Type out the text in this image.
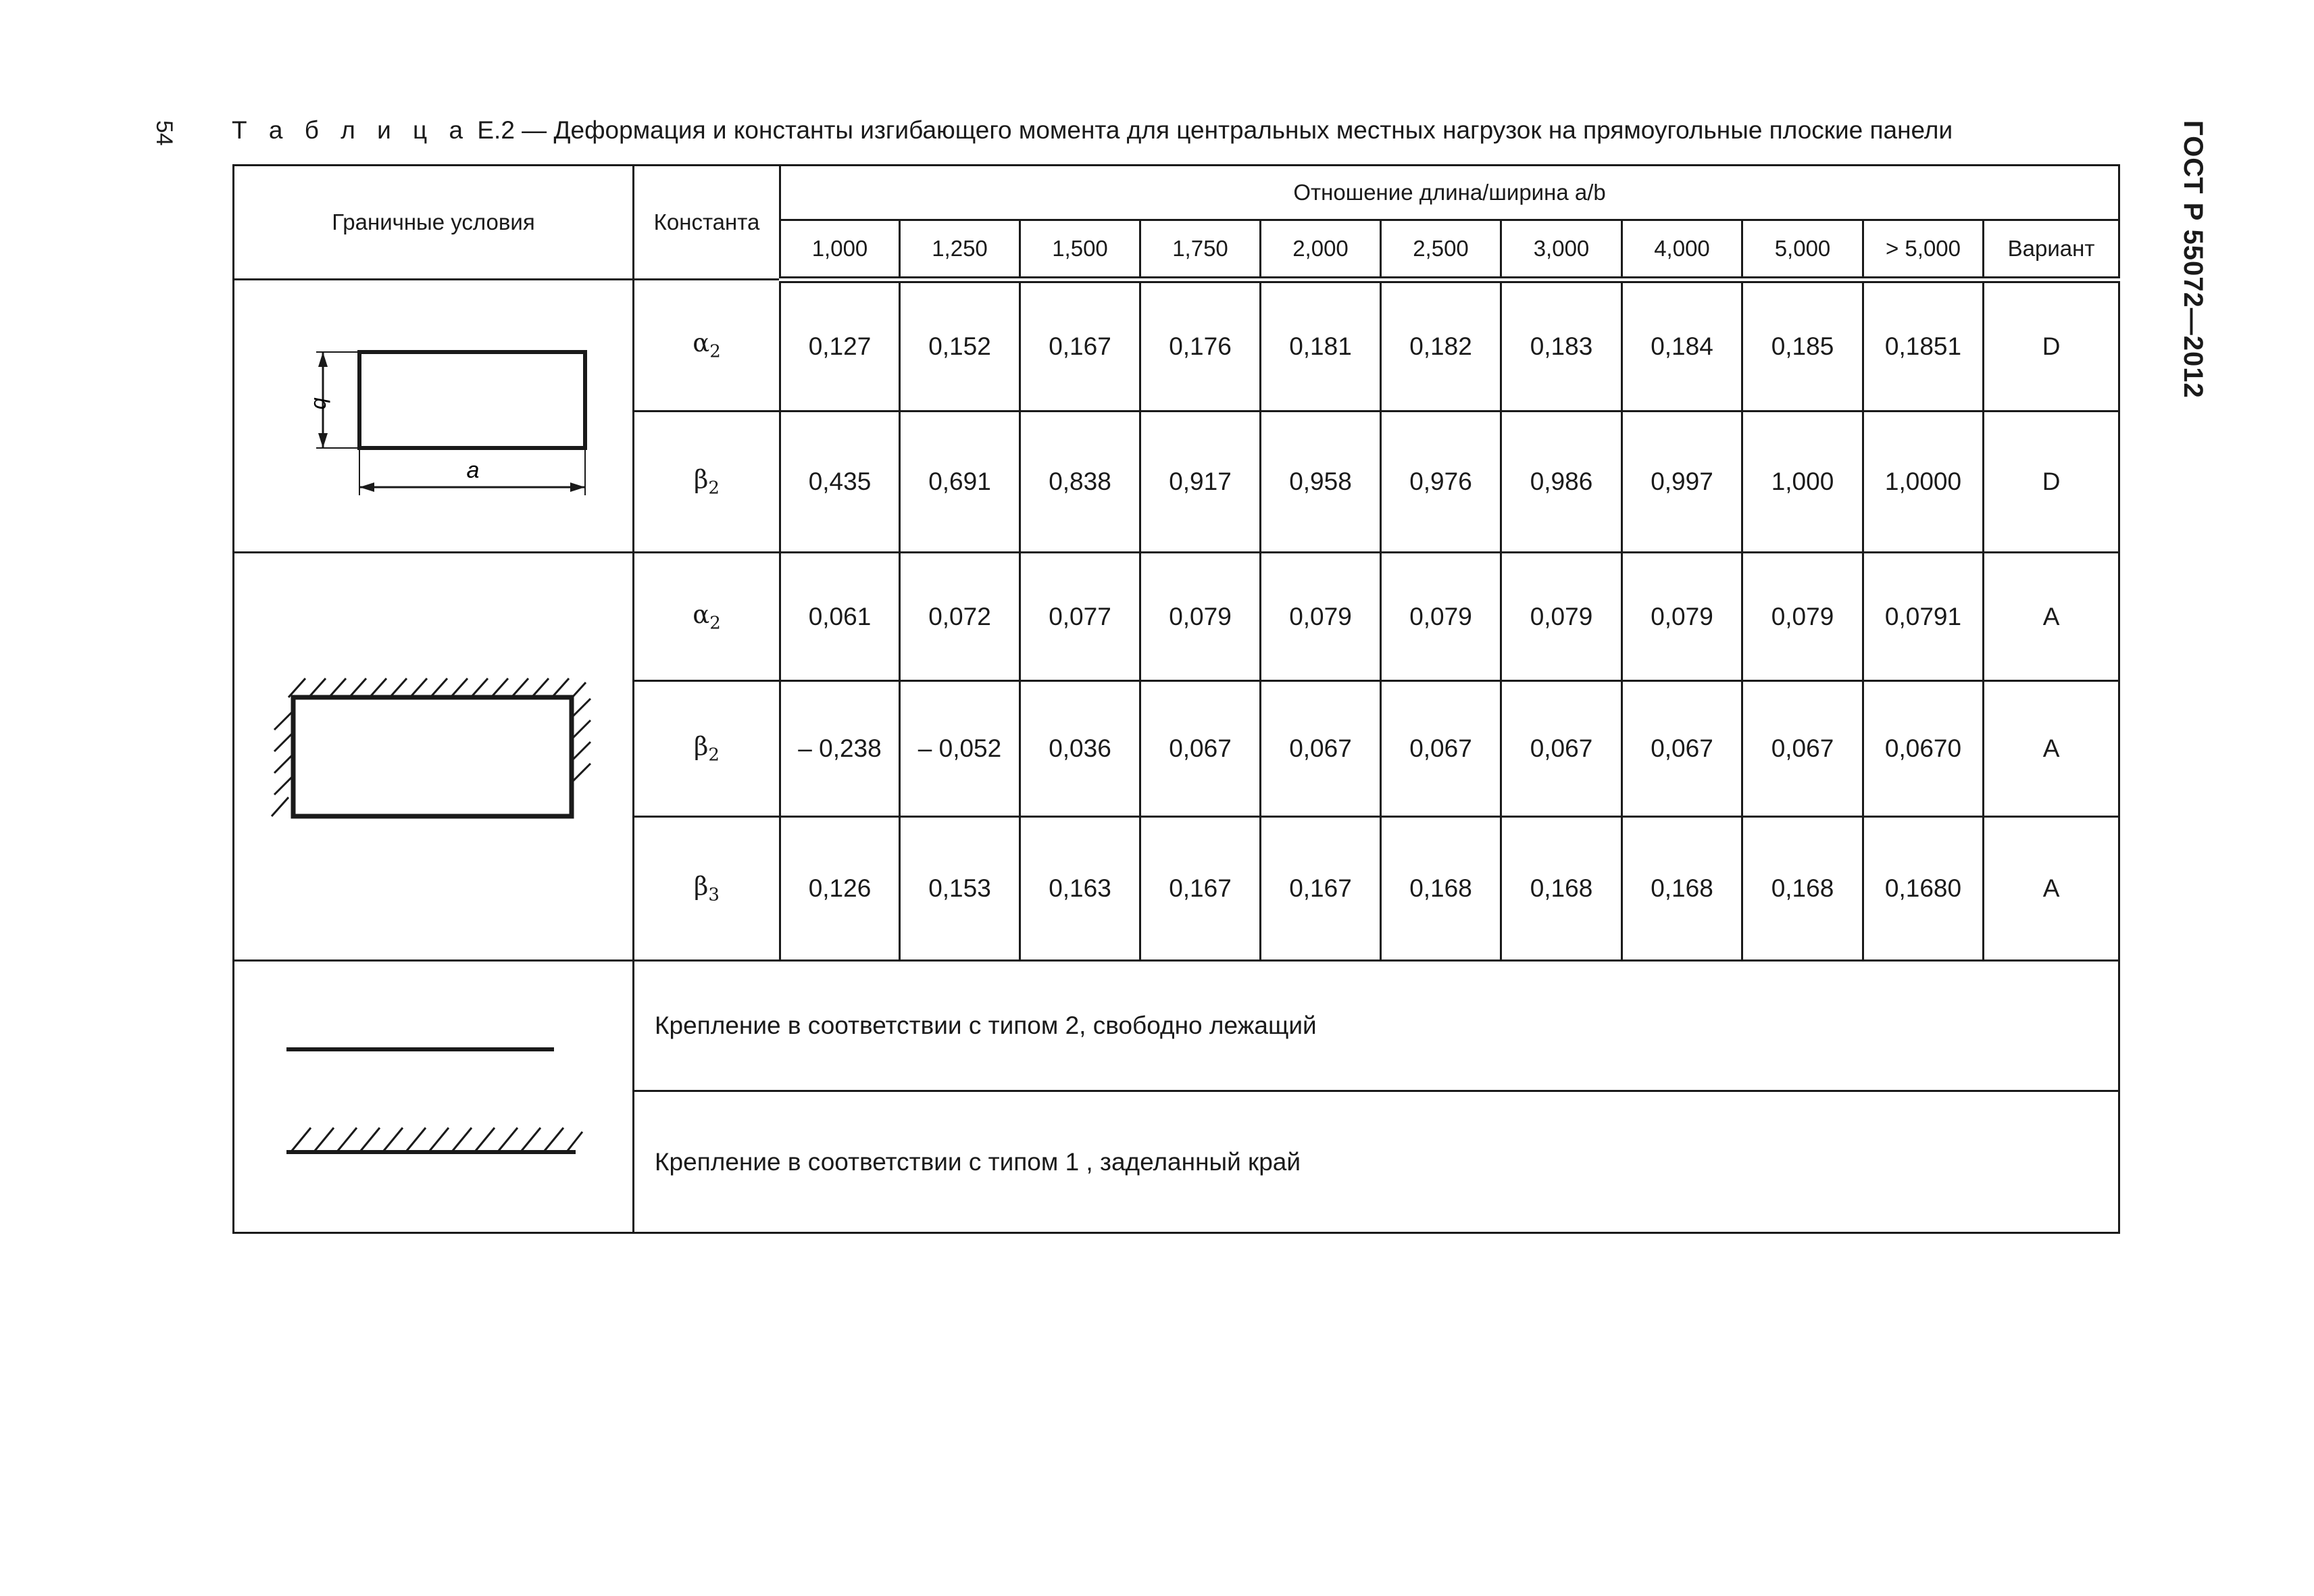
54	ГОСТ Р 55072—2012
Т а б л и ц а Е.2 — Деформация и константы изгибающего момента для центральных местных нагрузок на прямоугольные плоские панели
Граничные условия	Константа	Отношение длина/ширина a/b										
		1,000	1,250	1,500	1,750	2,000	2,500	3,000	4,000	5,000	> 5,000	Вариант

b
a	$\alpha_2$	0,127	0,152	0,167	0,176	0,181	0,182	0,183	0,184	0,185	0,1851	D
	$\beta_2$	0,435	0,691	0,838	0,917	0,958	0,976	0,986	0,997	1,000	1,0000	D

	$\alpha_2$	0,061	0,072	0,077	0,079	0,079	0,079	0,079	0,079	0,079	0,0791	A
	$\beta_2$	– 0,238	– 0,052	0,036	0,067	0,067	0,067	0,067	0,067	0,067	0,0670	A
	$\beta_3$	0,126	0,153	0,163	0,167	0,167	0,168	0,168	0,168	0,168	0,1680	A

	Крепление в соответствии с типом 2, свободно лежащий											
	Крепление в соответствии с типом 1 , заделанный край											
